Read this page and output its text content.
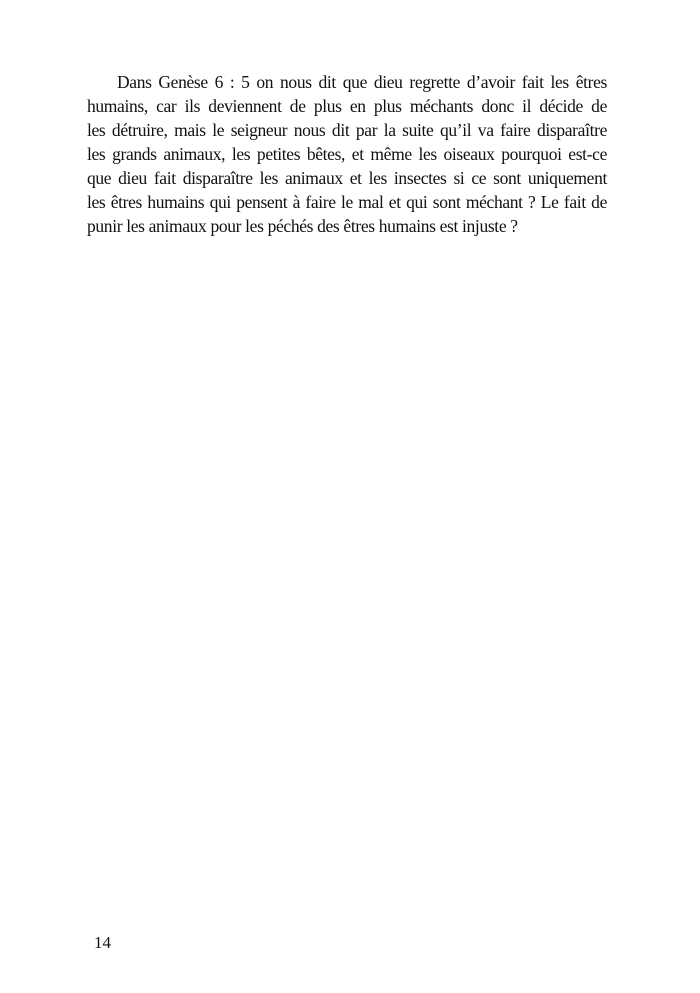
Dans Genèse 6 : 5 on nous dit que dieu regrette d’avoir fait les êtres
humains, car ils deviennent de plus en plus méchants donc il décide de
les détruire, mais le seigneur nous dit par la suite qu’il va faire disparaître
les grands animaux, les petites bêtes, et même les oiseaux pourquoi est-ce
que dieu fait disparaître les animaux et les insectes si ce sont uniquement
les êtres humains qui pensent à faire le mal et qui sont méchant ? Le fait de
punir les animaux pour les péchés des êtres humains est injuste ?
14
